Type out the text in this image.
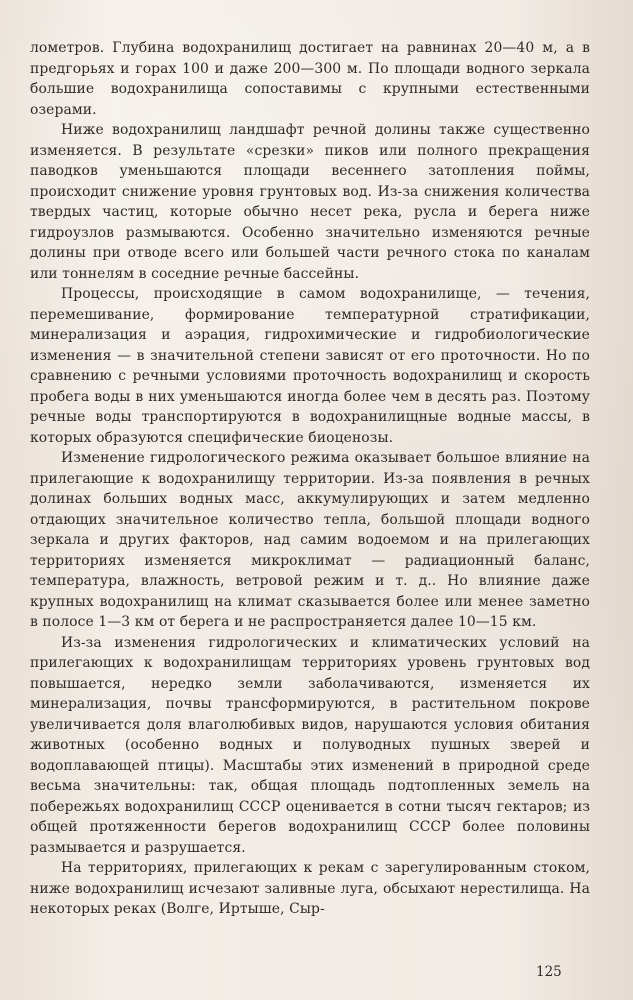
лометров. Глубина водохранилищ достигает на равнинах 20—40 м, а в предгорьях и горах 100 и даже 200—300 м. По площади водного зеркала большие водохранилища сопоставимы с крупными естественными озерами.

Ниже водохранилищ ландшафт речной долины также существенно изменяется. В результате «срезки» пиков или полного прекращения паводков уменьшаются площади весеннего затопления поймы, происходит снижение уровня грунтовых вод. Из-за снижения количества твердых частиц, которые обычно несет река, русла и берега ниже гидроузлов размываются. Особенно значительно изменяются речные долины при отводе всего или большей части речного стока по каналам или тоннелям в соседние речные бассейны.

Процессы, происходящие в самом водохранилище, — течения, перемешивание, формирование температурной стратификации, минерализация и аэрация, гидрохимические и гидробиологические изменения — в значительной степени зависят от его проточности. Но по сравнению с речными условиями проточность водохранилищ и скорость пробега воды в них уменьшаются иногда более чем в десять раз. Поэтому речные воды транспортируются в водохранилищные водные массы, в которых образуются специфические биоценозы.

Изменение гидрологического режима оказывает большое влияние на прилегающие к водохранилищу территории. Из-за появления в речных долинах больших водных масс, аккумулирующих и затем медленно отдающих значительное количество тепла, большой площади водного зеркала и других факторов, над самим водоемом и на прилегающих территориях изменяется микроклимат — радиационный баланс, температура, влажность, ветровой режим и т. д.. Но влияние даже крупных водохранилищ на климат сказывается более или менее заметно в полосе 1—3 км от берега и не распространяется далее 10—15 км.

Из-за изменения гидрологических и климатических условий на прилегающих к водохранилищам территориях уровень грунтовых вод повышается, нередко земли заболачиваются, изменяется их минерализация, почвы трансформируются, в растительном покрове увеличивается доля влаголюбивых видов, нарушаются условия обитания животных (особенно водных и полуводных пушных зверей и водоплавающей птицы). Масштабы этих изменений в природной среде весьма значительны: так, общая площадь подтопленных земель на побережьях водохранилищ СССР оценивается в сотни тысяч гектаров; из общей протяженности берегов водохранилищ СССР более половины размывается и разрушается.

На территориях, прилегающих к рекам с зарегулированным стоком, ниже водохранилищ исчезают заливные луга, обсыхают нерестилища. На некоторых реках (Волге, Иртыше, Сыр-

125
